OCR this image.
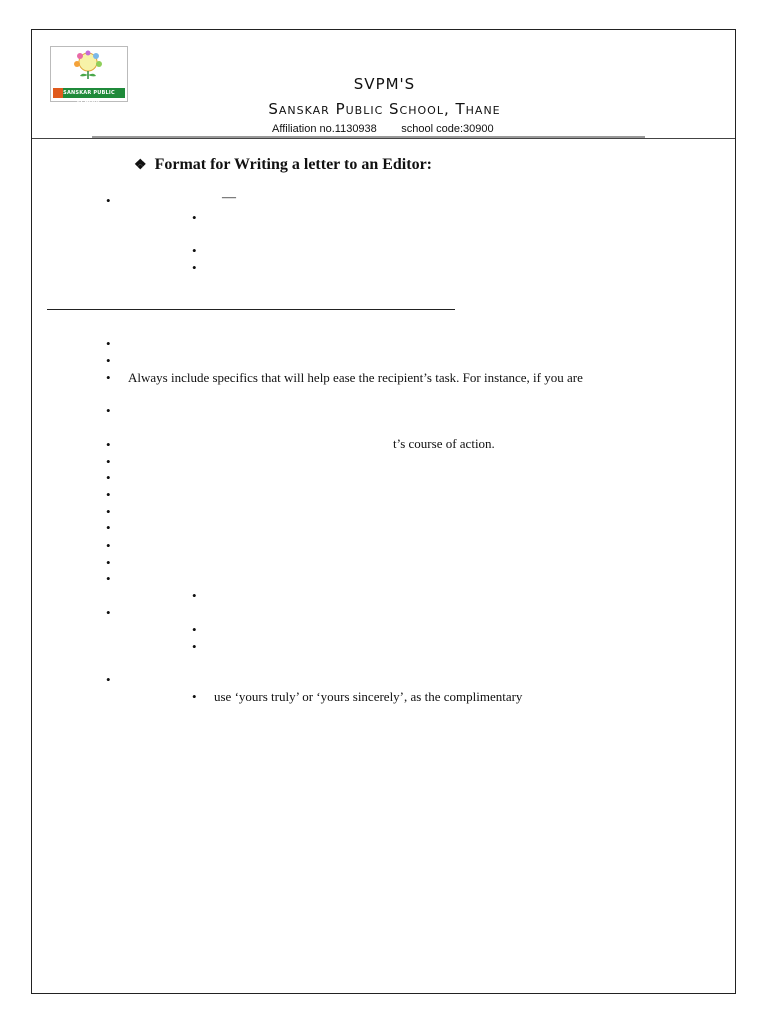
SANSKAR PUBLIC SCHOOL
SVPM'S
Sanskar Public School, Thane
Affiliation no.1130938        school code:30900
❖ Format for Writing a letter to an Editor:
•	—
•
•
•
•
•
• Always include specifics that will help ease the recipient’s task. For instance, if you are
•
•	t’s course of action.
•
•
•
•
•
•
•
•
•
•
•
•
•
• use ‘yours truly’ or ‘yours sincerely’, as the complimentary
